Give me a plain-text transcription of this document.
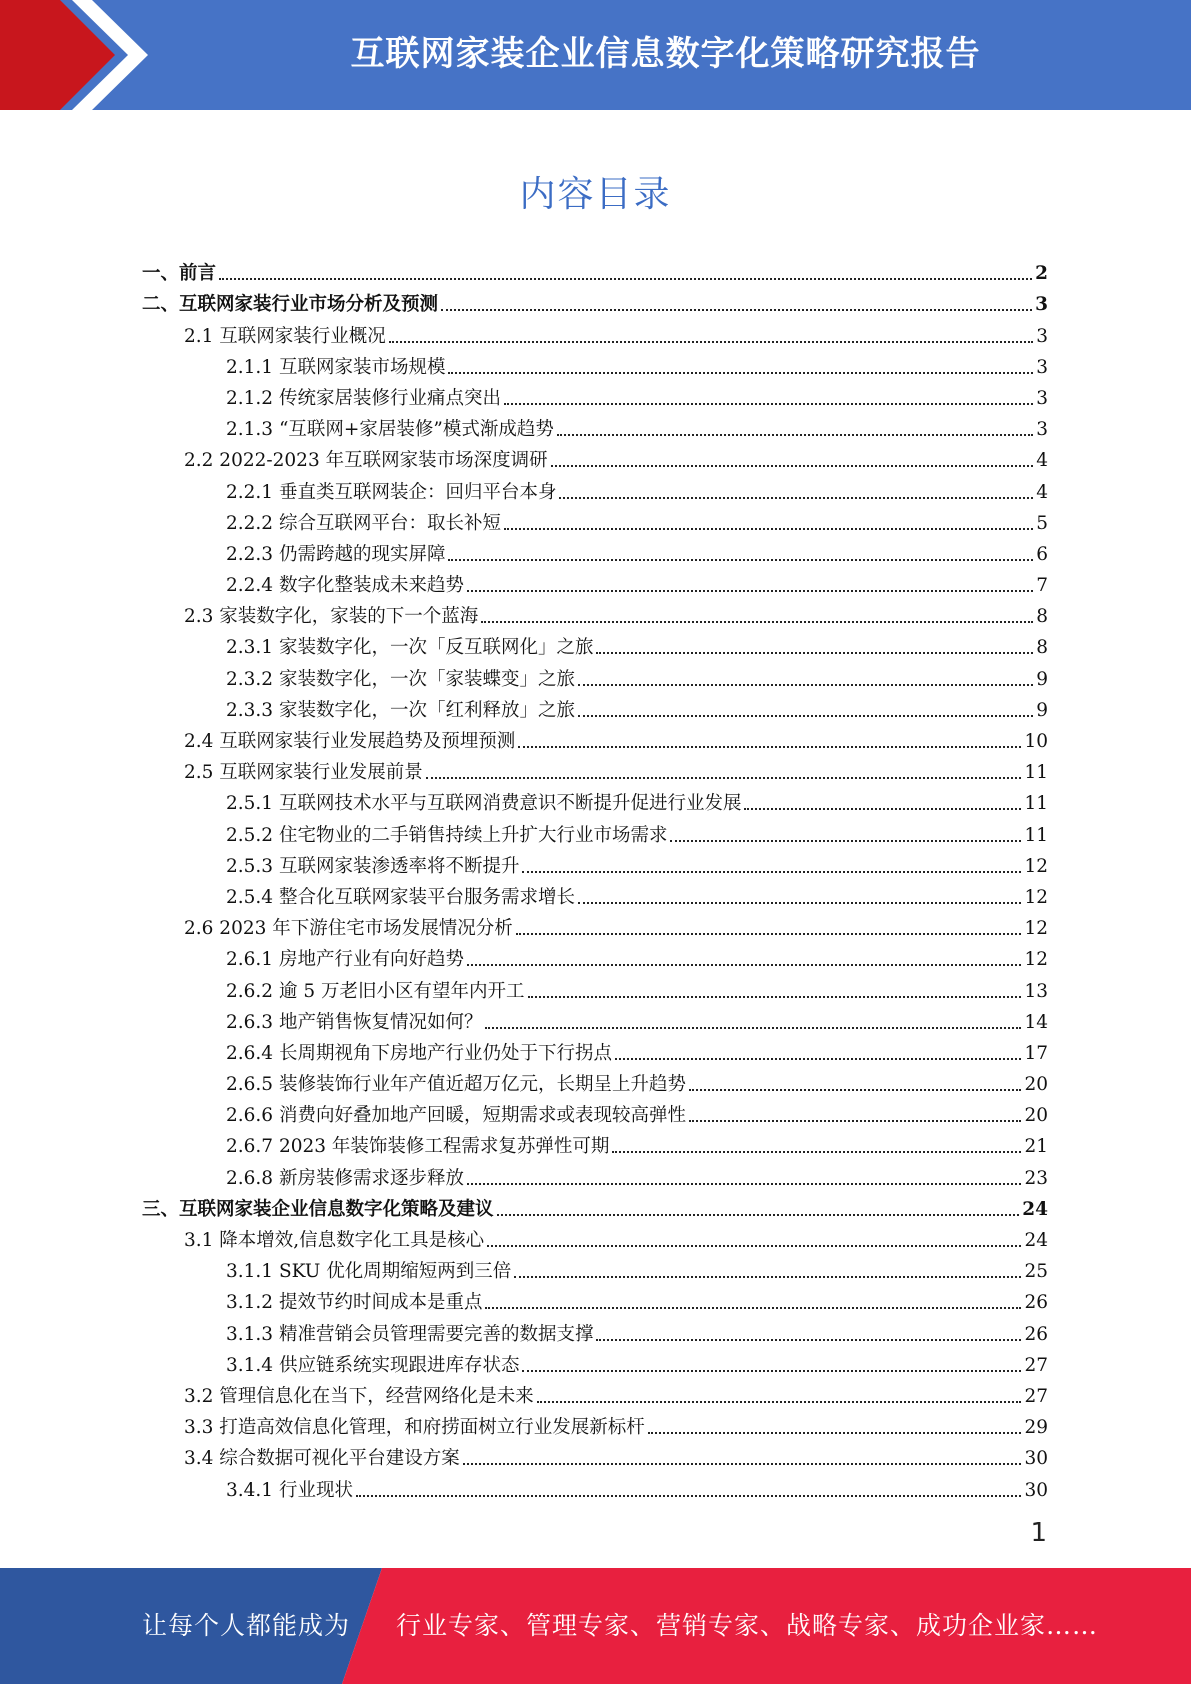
互联网家装企业信息数字化策略研究报告
内容目录
一、前言	2
二、互联网家装行业市场分析及预测	3
2.1 互联网家装行业概况	3
2.1.1 互联网家装市场规模	3
2.1.2 传统家居装修行业痛点突出	3
2.1.3 “互联网+家居装修”模式渐成趋势	3
2.2 2022-2023 年互联网家装市场深度调研	4
2.2.1 垂直类互联网装企：回归平台本身	4
2.2.2 综合互联网平台：取长补短	5
2.2.3 仍需跨越的现实屏障	6
2.2.4 数字化整装成未来趋势	7
2.3 家装数字化，家装的下一个蓝海	8
2.3.1 家装数字化，一次「反互联网化」之旅	8
2.3.2 家装数字化，一次「家装蝶变」之旅	9
2.3.3 家装数字化，一次「红利释放」之旅	9
2.4 互联网家装行业发展趋势及预埋预测	10
2.5 互联网家装行业发展前景	11
2.5.1 互联网技术水平与互联网消费意识不断提升促进行业发展	11
2.5.2 住宅物业的二手销售持续上升扩大行业市场需求	11
2.5.3 互联网家装渗透率将不断提升	12
2.5.4 整合化互联网家装平台服务需求增长	12
2.6 2023 年下游住宅市场发展情况分析	12
2.6.1 房地产行业有向好趋势	12
2.6.2 逾 5 万老旧小区有望年内开工	13
2.6.3 地产销售恢复情况如何？	14
2.6.4 长周期视角下房地产行业仍处于下行拐点	17
2.6.5 装修装饰行业年产值近超万亿元，长期呈上升趋势	20
2.6.6 消费向好叠加地产回暖，短期需求或表现较高弹性	20
2.6.7 2023 年装饰装修工程需求复苏弹性可期	21
2.6.8 新房装修需求逐步释放	23
三、互联网家装企业信息数字化策略及建议	24
3.1 降本增效,信息数字化工具是核心	24
3.1.1 SKU 优化周期缩短两到三倍	25
3.1.2 提效节约时间成本是重点	26
3.1.3 精准营销会员管理需要完善的数据支撑	26
3.1.4 供应链系统实现跟进库存状态	27
3.2 管理信息化在当下，经营网络化是未来	27
3.3 打造高效信息化管理，和府捞面树立行业发展新标杆	29
3.4 综合数据可视化平台建设方案	30
3.4.1 行业现状	30
1
让每个人都能成为 行业专家、管理专家、营销专家、战略专家、成功企业家……
